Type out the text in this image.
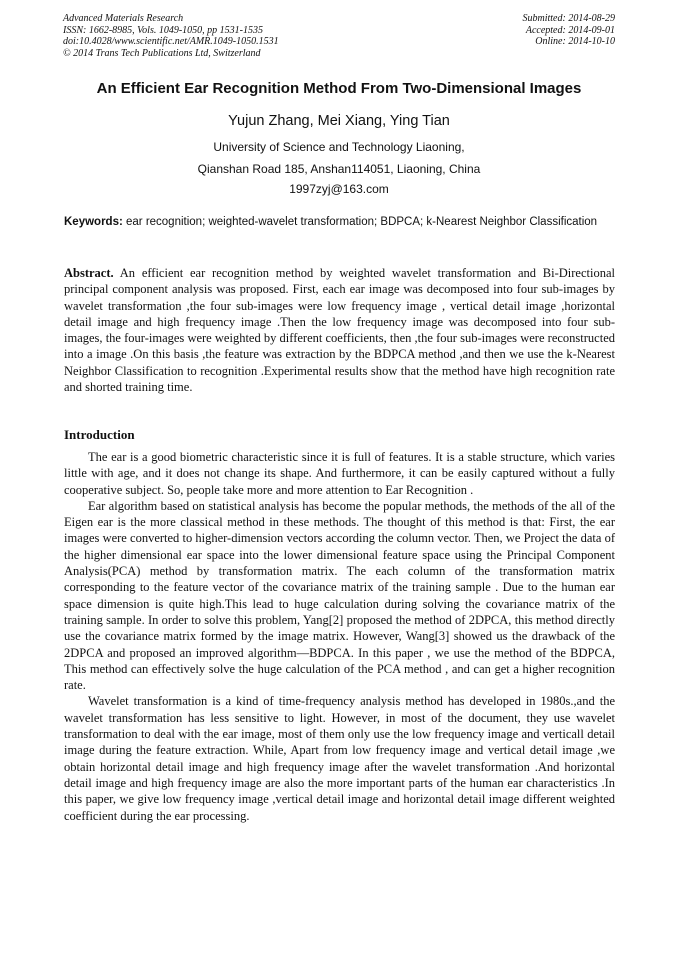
Advanced Materials Research
ISSN: 1662-8985, Vols. 1049-1050, pp 1531-1535
doi:10.4028/www.scientific.net/AMR.1049-1050.1531
© 2014 Trans Tech Publications Ltd, Switzerland
Submitted: 2014-08-29
Accepted: 2014-09-01
Online: 2014-10-10
An Efficient Ear Recognition Method From Two-Dimensional Images
Yujun Zhang, Mei Xiang, Ying Tian
University of Science and Technology Liaoning,
Qianshan Road 185, Anshan114051, Liaoning, China
1997zyj@163.com
Keywords: ear recognition; weighted-wavelet transformation; BDPCA; k-Nearest Neighbor Classification
Abstract. An efficient ear recognition method by weighted wavelet transformation and Bi-Directional principal component analysis was proposed. First, each ear image was decomposed into four sub-images by wavelet transformation ,the four sub-images were low frequency image , vertical detail image ,horizontal detail image and high frequency image .Then the low frequency image was decomposed into four sub-images, the four-images were weighted by different coefficients, then ,the four sub-images were reconstructed into a image .On this basis ,the feature was extraction by the BDPCA method ,and then we use the k-Nearest Neighbor Classification to recognition .Experimental results show that the method have high recognition rate and shorted training time.
Introduction

The ear is a good biometric characteristic since it is full of features. It is a stable structure, which varies little with age, and it does not change its shape. And furthermore, it can be easily captured without a fully cooperative subject. So, people take more and more attention to Ear Recognition .

Ear algorithm based on statistical analysis has become the popular methods, the methods of the all of the Eigen ear is the more classical method in these methods. The thought of this method is that: First, the ear images were converted to higher-dimension vectors according the column vector. Then, we Project the data of the higher dimensional ear space into the lower dimensional feature space using the Principal Component Analysis(PCA) method by transformation matrix. The each column of the transformation matrix corresponding to the feature vector of the covariance matrix of the training sample . Due to the human ear space dimension is quite high.This lead to huge calculation during solving the covariance matrix of the training sample. In order to solve this problem, Yang[2] proposed the method of 2DPCA, this method directly use the covariance matrix formed by the image matrix. However, Wang[3] showed us the drawback of the 2DPCA and proposed an improved algorithm—BDPCA. In this paper , we use the method of the BDPCA, This method can effectively solve the huge calculation of the PCA method , and can get a higher recognition rate.

Wavelet transformation is a kind of time-frequency analysis method has developed in 1980s.,and the wavelet transformation has less sensitive to light. However, in most of the document, they use wavelet transformation to deal with the ear image, most of them only use the low frequency image and verticall detail image during the feature extraction. While, Apart from low frequency image and vertical detail image ,we obtain horizontal detail image and high frequency image after the wavelet transformation .And horizontal detail image and high frequency image are also the more important parts of the human ear characteristics .In this paper, we give low frequency image ,vertical detail image and horizontal detail image different weighted coefficient during the ear processing.
